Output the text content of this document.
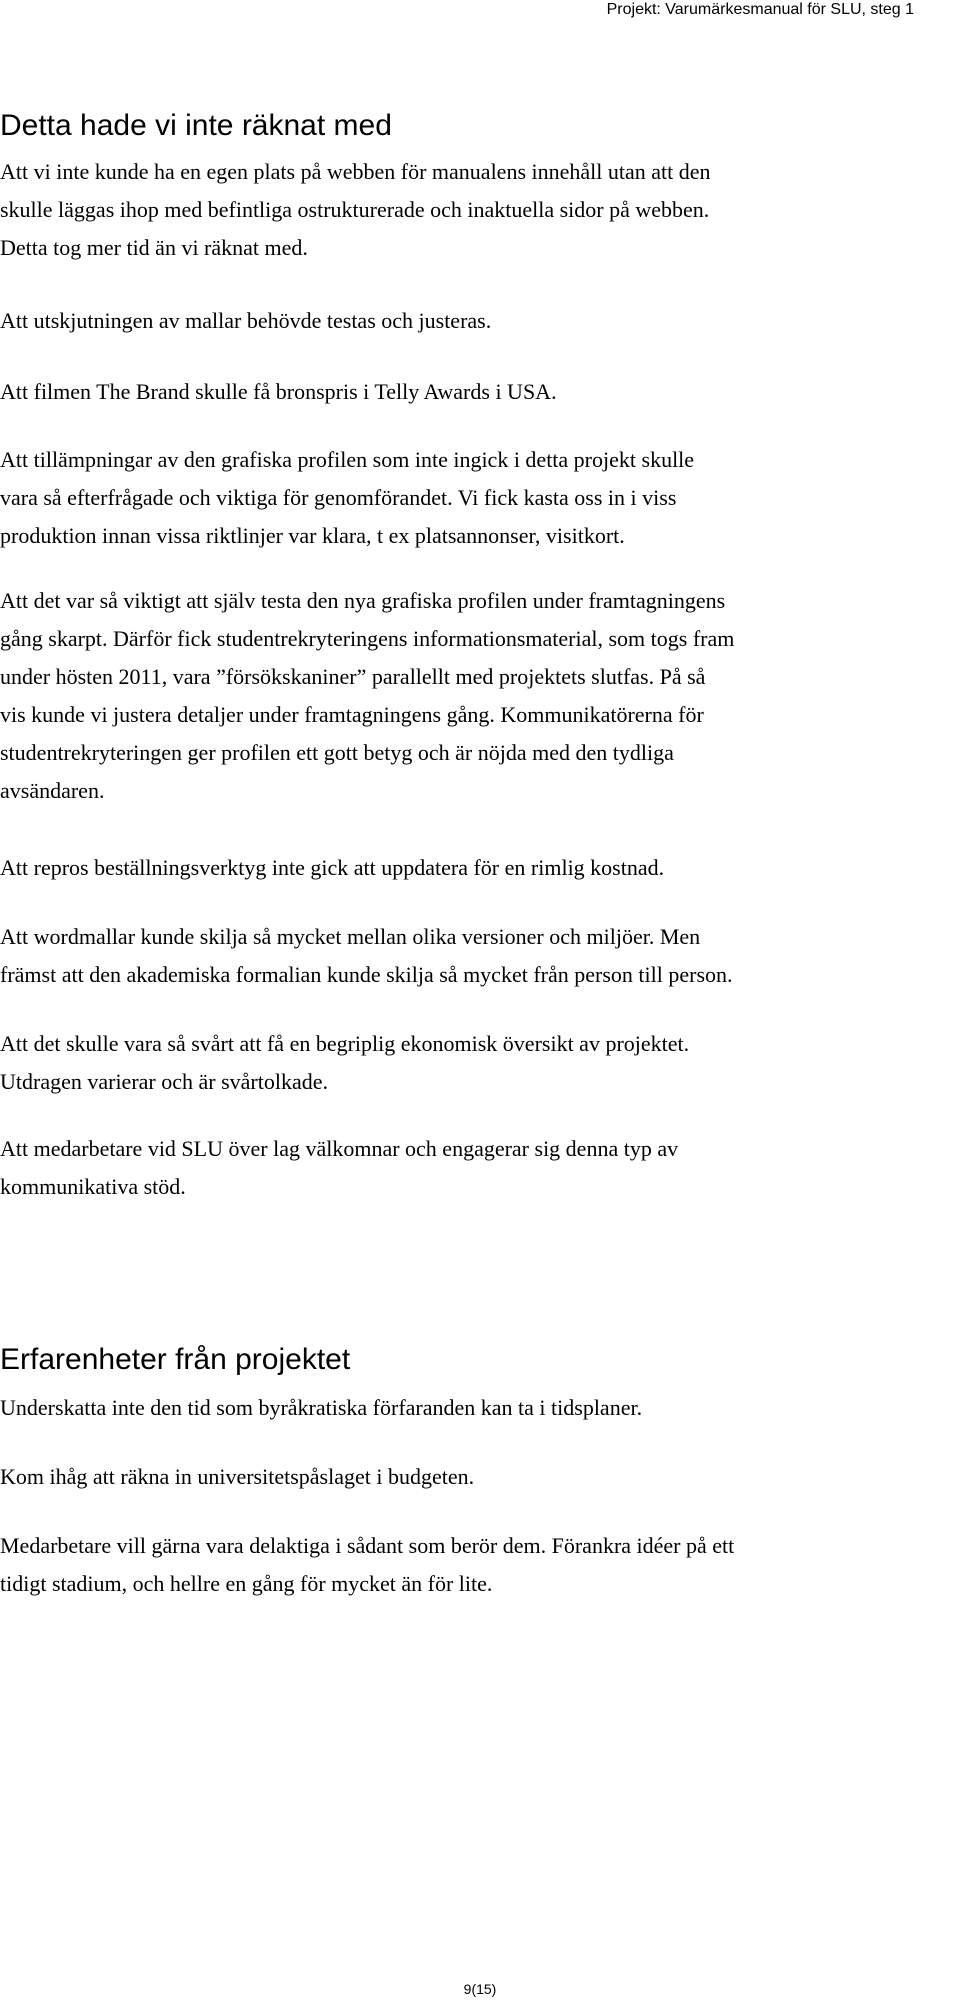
Projekt: Varumärkesmanual för SLU, steg 1
Detta hade vi inte räknat med

Att vi inte kunde ha en egen plats på webben för manualens innehåll utan att den
skulle läggas ihop med befintliga ostrukturerade och inaktuella sidor på webben.
Detta tog mer tid än vi räknat med.

Att utskjutningen av mallar behövde testas och justeras.

Att filmen The Brand skulle få bronspris i Telly Awards i USA.

Att tillämpningar av den grafiska profilen som inte ingick i detta projekt skulle
vara så efterfrågade och viktiga för genomförandet. Vi fick kasta oss in i viss
produktion innan vissa riktlinjer var klara, t ex platsannonser, visitkort.

Att det var så viktigt att själv testa den nya grafiska profilen under framtagningens
gång skarpt. Därför fick studentrekryteringens informationsmaterial, som togs fram
under hösten 2011, vara ”försökskaniner” parallellt med projektets slutfas. På så
vis kunde vi justera detaljer under framtagningens gång. Kommunikatörerna för
studentrekryteringen ger profilen ett gott betyg och är nöjda med den tydliga
avsändaren.

Att repros beställningsverktyg inte gick att uppdatera för en rimlig kostnad.

Att wordmallar kunde skilja så mycket mellan olika versioner och miljöer. Men
främst att den akademiska formalian kunde skilja så mycket från person till person.

Att det skulle vara så svårt att få en begriplig ekonomisk översikt av projektet.
Utdragen varierar och är svårtolkade.

Att medarbetare vid SLU över lag välkomnar och engagerar sig denna typ av
kommunikativa stöd.

Erfarenheter från projektet

Underskatta inte den tid som byråkratiska förfaranden kan ta i tidsplaner.

Kom ihåg att räkna in universitetspåslaget i budgeten.

Medarbetare vill gärna vara delaktiga i sådant som berör dem. Förankra idéer på ett
tidigt stadium, och hellre en gång för mycket än för lite.

9(15)
